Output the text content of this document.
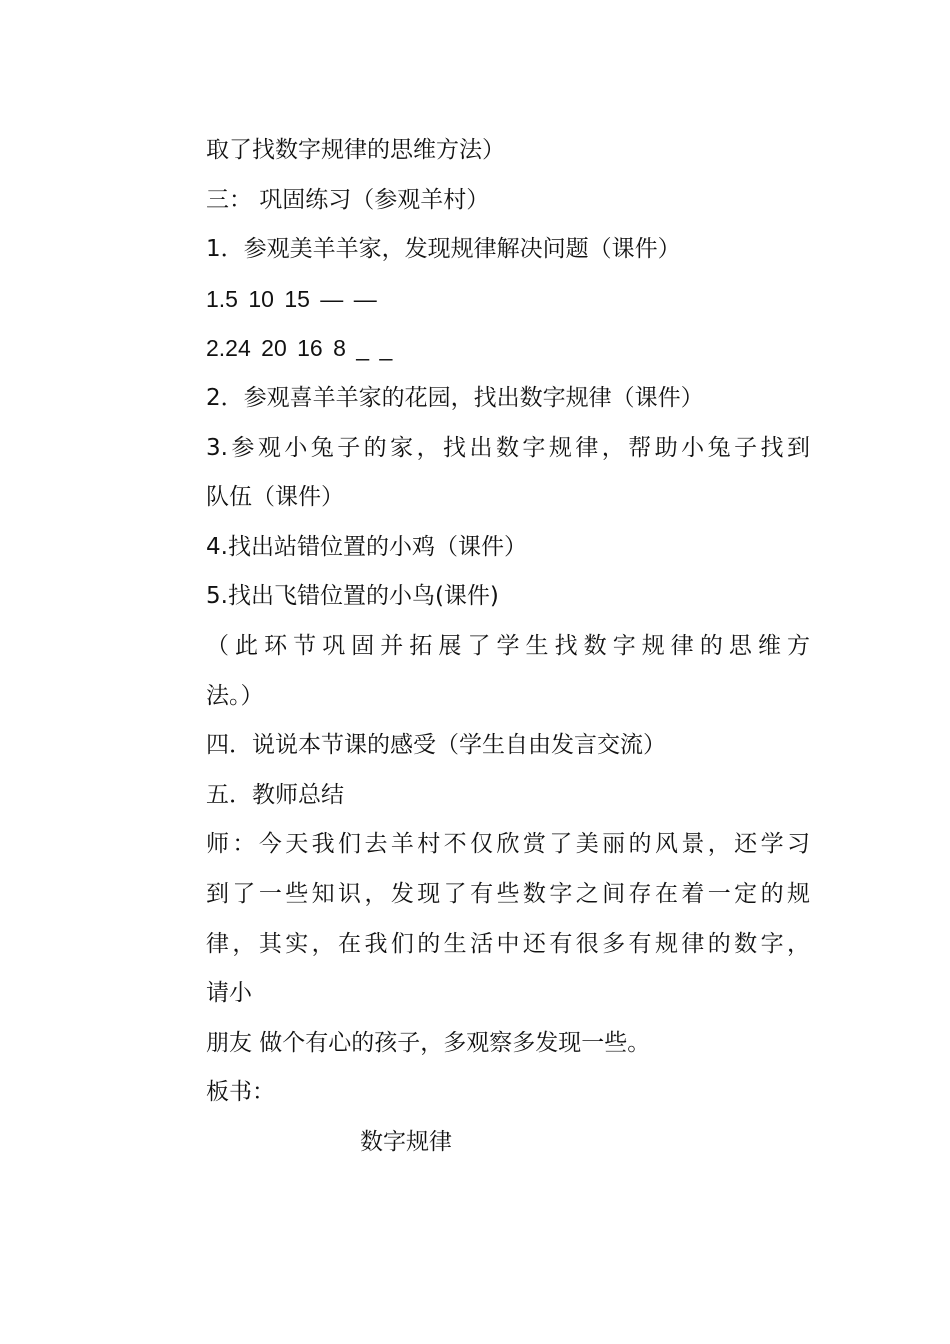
取了找数字规律的思维方法）
三： 巩固练习（参观羊村）
1．参观美羊羊家，发现规律解决问题（课件）
1.5 10 15 — —
2.24 20 16 8 _ _
2．参观喜羊羊家的花园，找出数字规律（课件）
3.参观小兔子的家，找出数字规律，帮助小兔子找到
队伍（课件）
4.找出站错位置的小鸡（课件）
5.找出飞错位置的小鸟(课件)
（此环节巩固并拓展了学生找数字规律的思维方
法。）
四．说说本节课的感受（学生自由发言交流）
五．教师总结
师：今天我们去羊村不仅欣赏了美丽的风景，还学习
到了一些知识，发现了有些数字之间存在着一定的规
律，其实，在我们的生活中还有很多有规律的数字，
请小
朋友 做个有心的孩子，多观察多发现一些。
板书：
数字规律
